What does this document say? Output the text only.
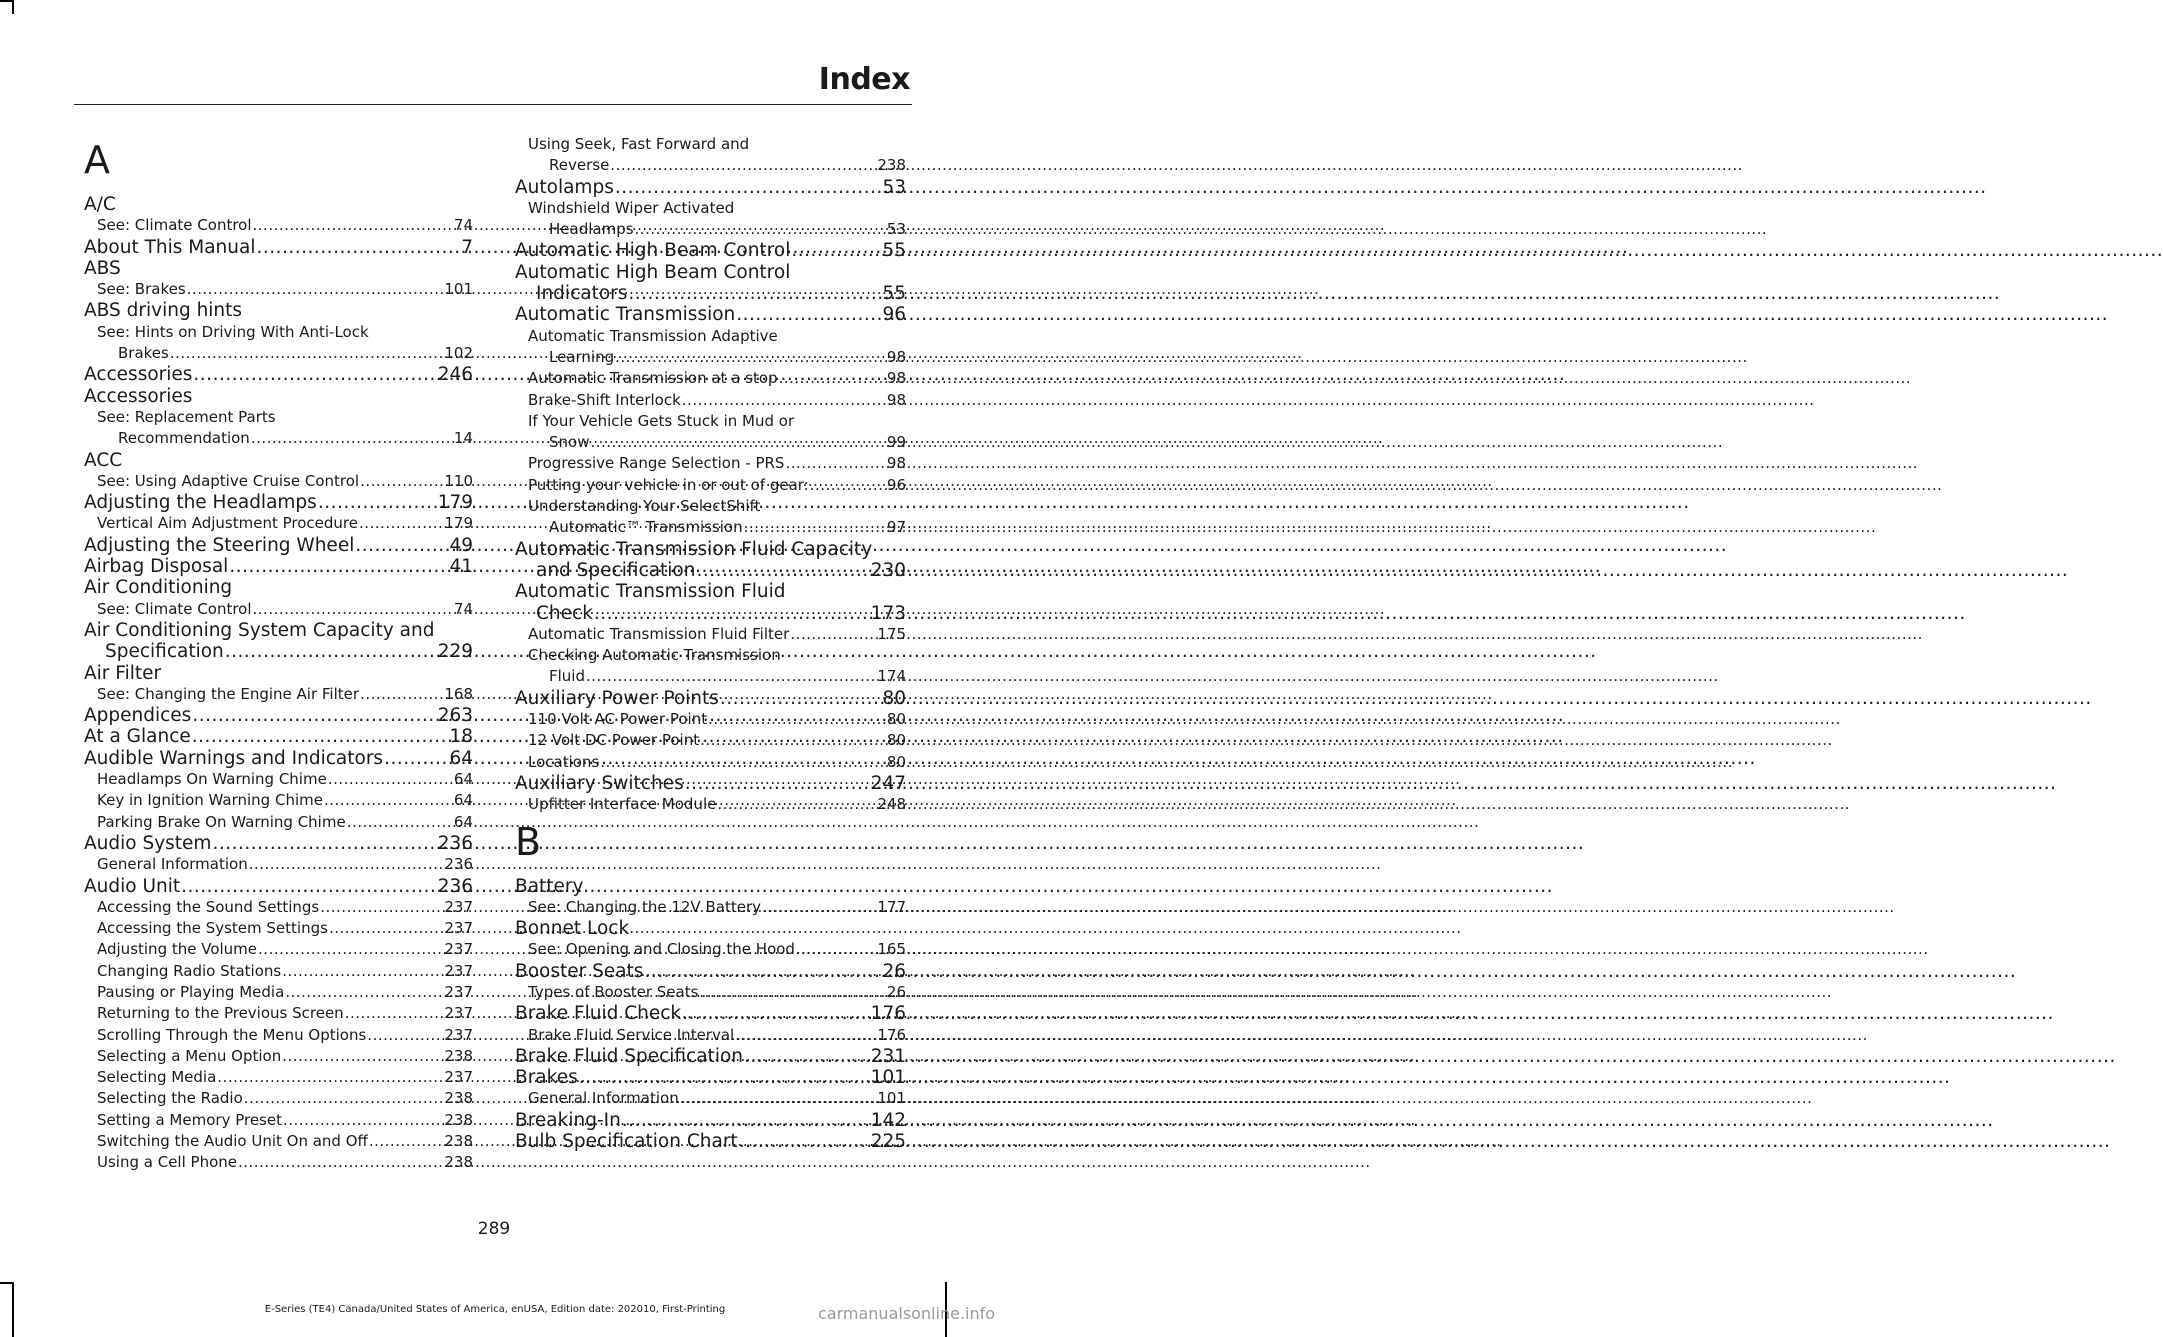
Index
A
A/C
See: Climate Control .....	74
About This Manual .....	7
ABS
See: Brakes .....	101
ABS driving hints
See: Hints on Driving With Anti-Lock
Brakes .....	102
Accessories .....	246
Accessories
See: Replacement Parts
Recommendation .....	14
ACC
See: Using Adaptive Cruise Control .....	110
Adjusting the Headlamps .....	179
Vertical Aim Adjustment Procedure .....	179
Adjusting the Steering Wheel .....	49
Airbag Disposal .....	41
Air Conditioning
See: Climate Control .....	74
Air Conditioning System Capacity and
Specification .....	229
Air Filter
See: Changing the Engine Air Filter .....	168
Appendices .....	263
At a Glance .....	18
Audible Warnings and Indicators .....	64
Headlamps On Warning Chime .....	64
Key in Ignition Warning Chime .....	64
Parking Brake On Warning Chime .....	64
Audio System .....	236
General Information .....	236
Audio Unit .....	236
Accessing the Sound Settings .....	237
Accessing the System Settings .....	237
Adjusting the Volume .....	237
Changing Radio Stations .....	237
Pausing or Playing Media .....	237
Returning to the Previous Screen .....	237
Scrolling Through the Menu Options .....	237
Selecting a Menu Option .....	238
Selecting Media .....	237
Selecting the Radio .....	238
Setting a Memory Preset .....	238
Switching the Audio Unit On and Off .....	238
Using a Cell Phone .....	238
Using Seek, Fast Forward and
Reverse .....	238
Autolamps .....	53
Windshield Wiper Activated
Headlamps .....	53
Automatic High Beam Control .....	55
Automatic High Beam Control
Indicators .....	55
Automatic Transmission .....	96
Automatic Transmission Adaptive
Learning .....	98
Automatic Transmission at a stop .....	98
Brake-Shift Interlock .....	98
If Your Vehicle Gets Stuck in Mud or
Snow .....	99
Progressive Range Selection - PRS .....	98
Putting your vehicle in or out of gear: .....	96
Understanding Your SelectShift
Automatic™ Transmission .....	97
Automatic Transmission Fluid Capacity
and Specification .....	230
Automatic Transmission Fluid
Check .....	173
Automatic Transmission Fluid Filter .....	175
Checking Automatic Transmission
Fluid .....	174
Auxiliary Power Points .....	80
110 Volt AC Power Point .....	80
12 Volt DC Power Point .....	80
Locations .....	80
Auxiliary Switches .....	247
Upfitter Interface Module .....	248
B
Battery
See: Changing the 12V Battery .....	177
Bonnet Lock
See: Opening and Closing the Hood .....	165
Booster Seats .....	26
Types of Booster Seats .....	26
Brake Fluid Check .....	176
Brake Fluid Service Interval .....	176
Brake Fluid Specification .....	231
Brakes .....	101
General Information .....	101
Breaking-In .....	142
Bulb Specification Chart .....	225
289
E-Series (TE4) Canada/United States of America, enUSA, Edition date: 202010, First-Printing	carmanualsonline.info
